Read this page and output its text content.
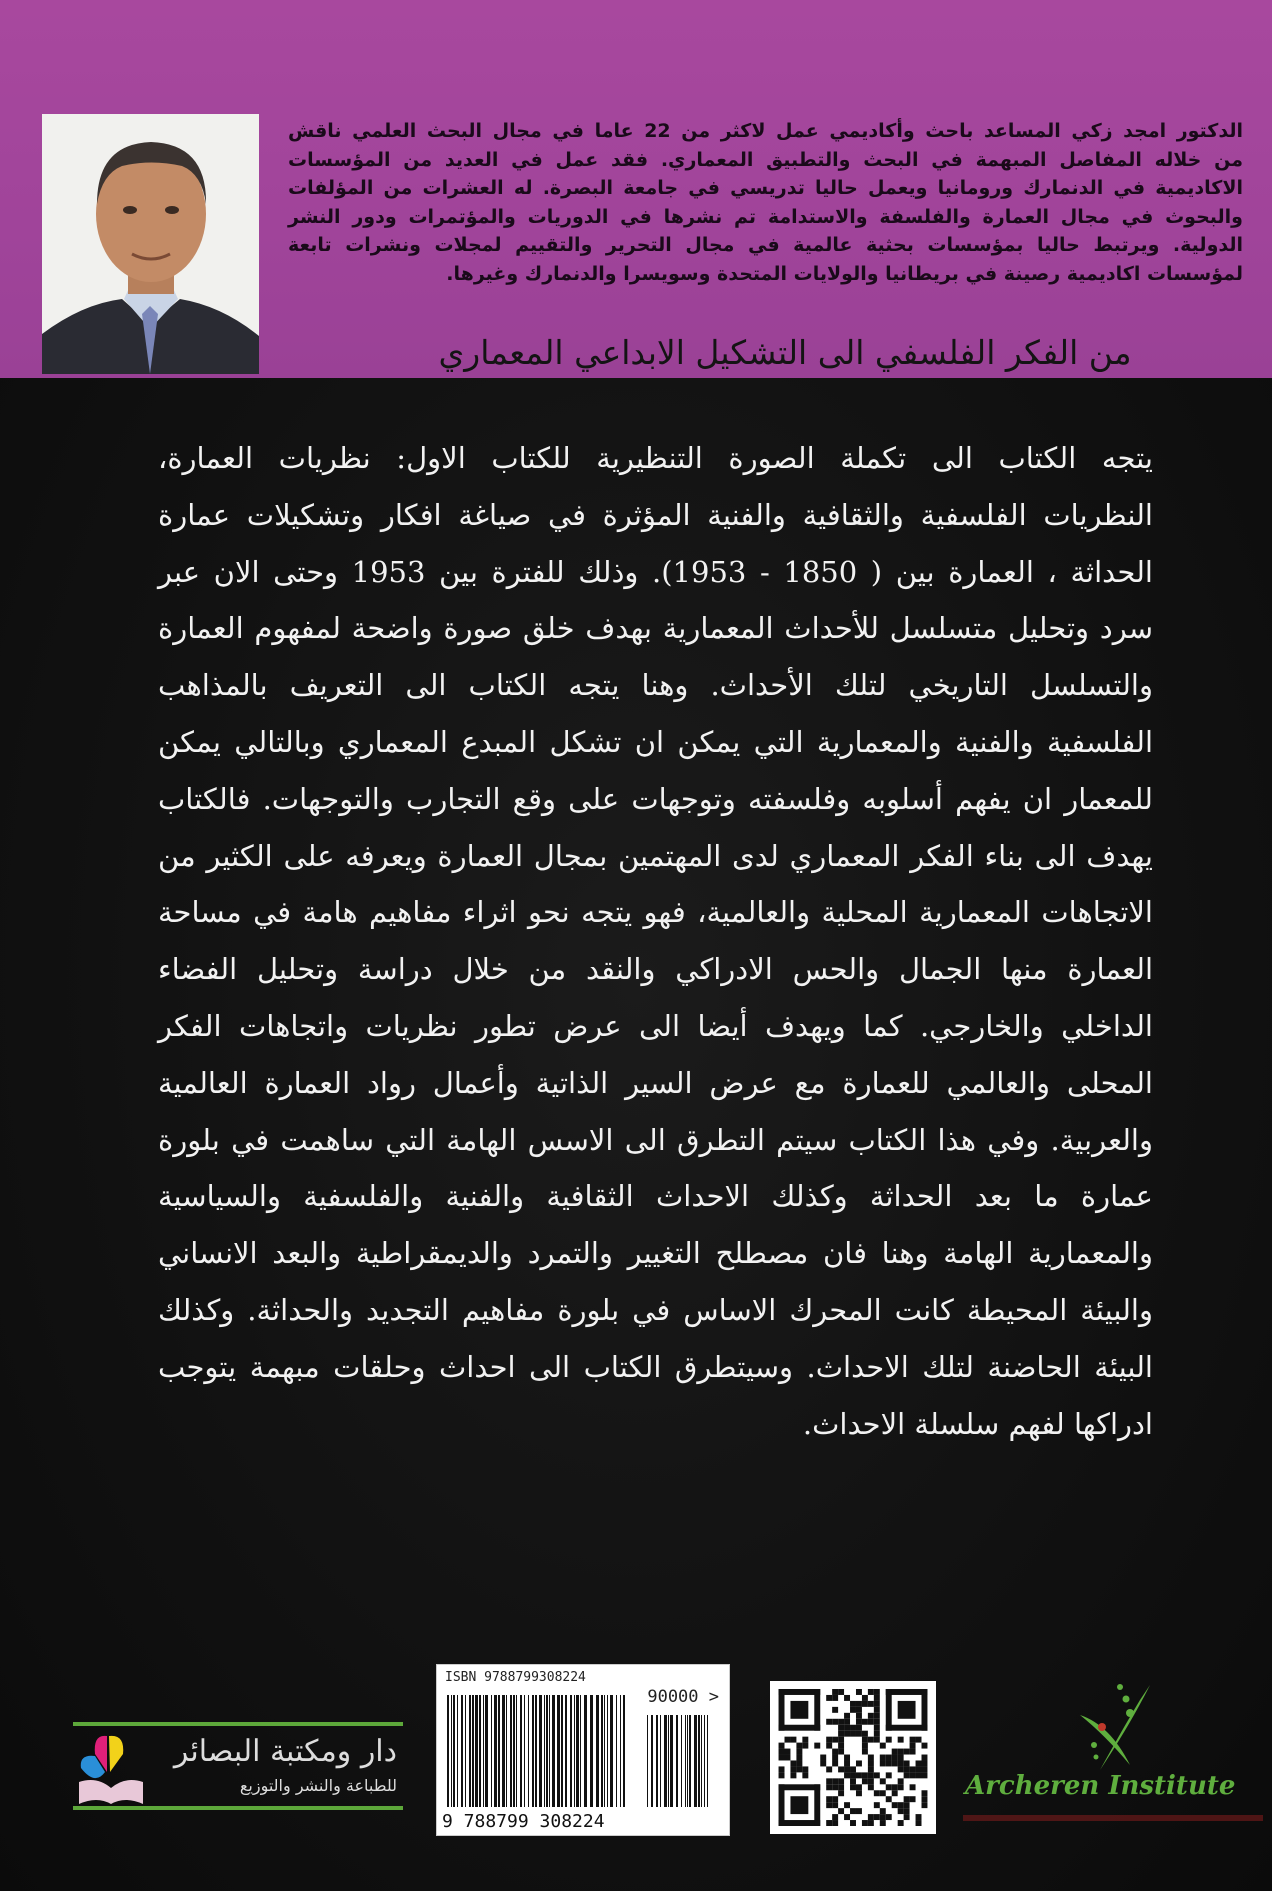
الدكتور امجد زكي المساعد باحث وأكاديمي عمل لاكثر من 22 عاما في مجال البحث العلمي ناقش
من خلاله المفاصل المبهمة في البحث والتطبيق المعماري. فقد عمل في العديد من المؤسسات
الاكاديمية في الدنمارك ورومانيا ويعمل حاليا تدريسي في جامعة البصرة. له العشرات من المؤلفات
والبحوث في مجال العمارة والفلسفة والاستدامة تم نشرها في الدوريات والمؤتمرات ودور النشر
الدولية. ويرتبط حاليا بمؤسسات بحثية عالمية في مجال التحرير والتقييم لمجلات ونشرات تابعة
لمؤسسات اكاديمية رصينة في بريطانيا والولايات المتحدة وسويسرا والدنمارك وغيرها.
من الفكر الفلسفي الى التشكيل الابداعي المعماري
يتجه الكتاب الى تكملة الصورة التنظيرية للكتاب الاول: نظريات العمارة،
النظريات الفلسفية والثقافية والفنية المؤثرة في صياغة افكار وتشكيلات عمارة
الحداثة ، العمارة بين ( 1850 - 1953). وذلك للفترة بين 1953 وحتى الان عبر
سرد وتحليل متسلسل للأحداث المعمارية بهدف خلق صورة واضحة لمفهوم العمارة
والتسلسل التاريخي لتلك الأحداث. وهنا يتجه الكتاب الى التعريف بالمذاهب
الفلسفية والفنية والمعمارية التي يمكن ان تشكل المبدع المعماري وبالتالي يمكن
للمعمار ان يفهم أسلوبه وفلسفته وتوجهات على وقع التجارب والتوجهات. فالكتاب
يهدف الى بناء الفكر المعماري لدى المهتمين بمجال العمارة ويعرفه على الكثير من
الاتجاهات المعمارية المحلية والعالمية، فهو يتجه نحو اثراء مفاهيم هامة في مساحة
العمارة منها الجمال والحس الادراكي والنقد من خلال دراسة وتحليل الفضاء
الداخلي والخارجي. كما ويهدف أيضا الى عرض تطور نظريات واتجاهات الفكر
المحلى والعالمي للعمارة مع عرض السير الذاتية وأعمال رواد العمارة العالمية
والعربية. وفي هذا الكتاب سيتم التطرق الى الاسس الهامة التي ساهمت في بلورة
عمارة ما بعد الحداثة وكذلك الاحداث الثقافية والفنية والفلسفية والسياسية
والمعمارية الهامة وهنا فان مصطلح التغيير والتمرد والديمقراطية والبعد الانساني
والبيئة المحيطة كانت المحرك الاساس في بلورة مفاهيم التجديد والحداثة. وكذلك
البيئة الحاضنة لتلك الاحداث. وسيتطرق الكتاب الى احداث وحلقات مبهمة يتوجب
ادراكها لفهم سلسلة الاحداث.
دار ومكتبة البصائر
للطباعة والنشر والتوزيع
ISBN 9788799308224
90000 >
9 788799 308224
Archeren Institute
